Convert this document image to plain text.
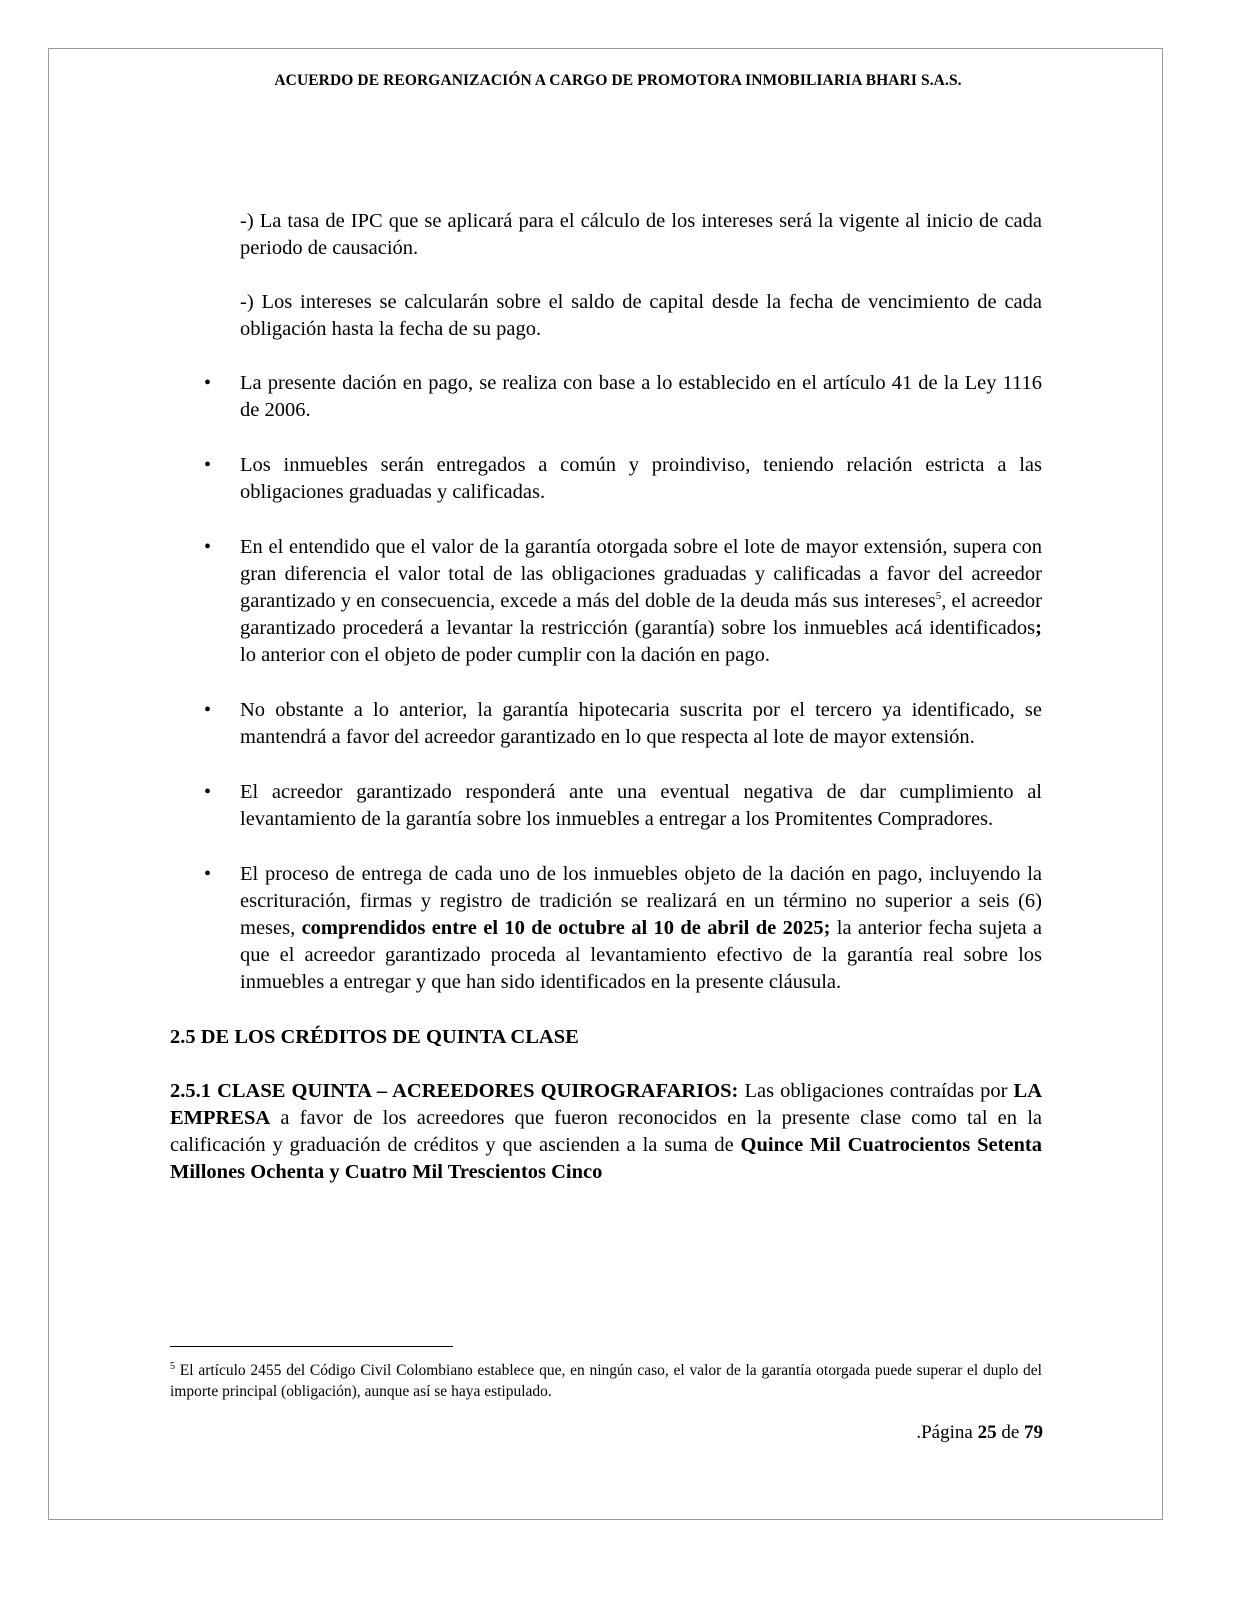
ACUERDO DE REORGANIZACIÓN A CARGO DE PROMOTORA INMOBILIARIA BHARI S.A.S.

-) La tasa de IPC que se aplicará para el cálculo de los intereses será la vigente al inicio de cada periodo de causación.

-) Los intereses se calcularán sobre el saldo de capital desde la fecha de vencimiento de cada obligación hasta la fecha de su pago.

• La presente dación en pago, se realiza con base a lo establecido en el artículo 41 de la Ley 1116 de 2006.
• Los inmuebles serán entregados a común y proindiviso, teniendo relación estricta a las obligaciones graduadas y calificadas.
• En el entendido que el valor de la garantía otorgada sobre el lote de mayor extensión, supera con gran diferencia el valor total de las obligaciones graduadas y calificadas a favor del acreedor garantizado y en consecuencia, excede a más del doble de la deuda más sus intereses$^5$, el acreedor garantizado procederá a levantar la restricción (garantía) sobre los inmuebles acá identificados; lo anterior con el objeto de poder cumplir con la dación en pago.
• No obstante a lo anterior, la garantía hipotecaria suscrita por el tercero ya identificado, se mantendrá a favor del acreedor garantizado en lo que respecta al lote de mayor extensión.
• El acreedor garantizado responderá ante una eventual negativa de dar cumplimiento al levantamiento de la garantía sobre los inmuebles a entregar a los Promitentes Compradores.
• El proceso de entrega de cada uno de los inmuebles objeto de la dación en pago, incluyendo la escrituración, firmas y registro de tradición se realizará en un término no superior a seis (6) meses, comprendidos entre el 10 de octubre al 10 de abril de 2025; la anterior fecha sujeta a que el acreedor garantizado proceda al levantamiento efectivo de la garantía real sobre los inmuebles a entregar y que han sido identificados en la presente cláusula.
2.5 DE LOS CRÉDITOS DE QUINTA CLASE

2.5.1 CLASE QUINTA – ACREEDORES QUIROGRAFARIOS: Las obligaciones contraídas por LA EMPRESA a favor de los acreedores que fueron reconocidos en la presente clase como tal en la calificación y graduación de créditos y que ascienden a la suma de Quince Mil Cuatrocientos Setenta Millones Ochenta y Cuatro Mil Trescientos Cinco

$^5$ El artículo 2455 del Código Civil Colombiano establece que, en ningún caso, el valor de la garantía otorgada puede superar el duplo del importe principal (obligación), aunque así se haya estipulado.
.Página 25 de 79
